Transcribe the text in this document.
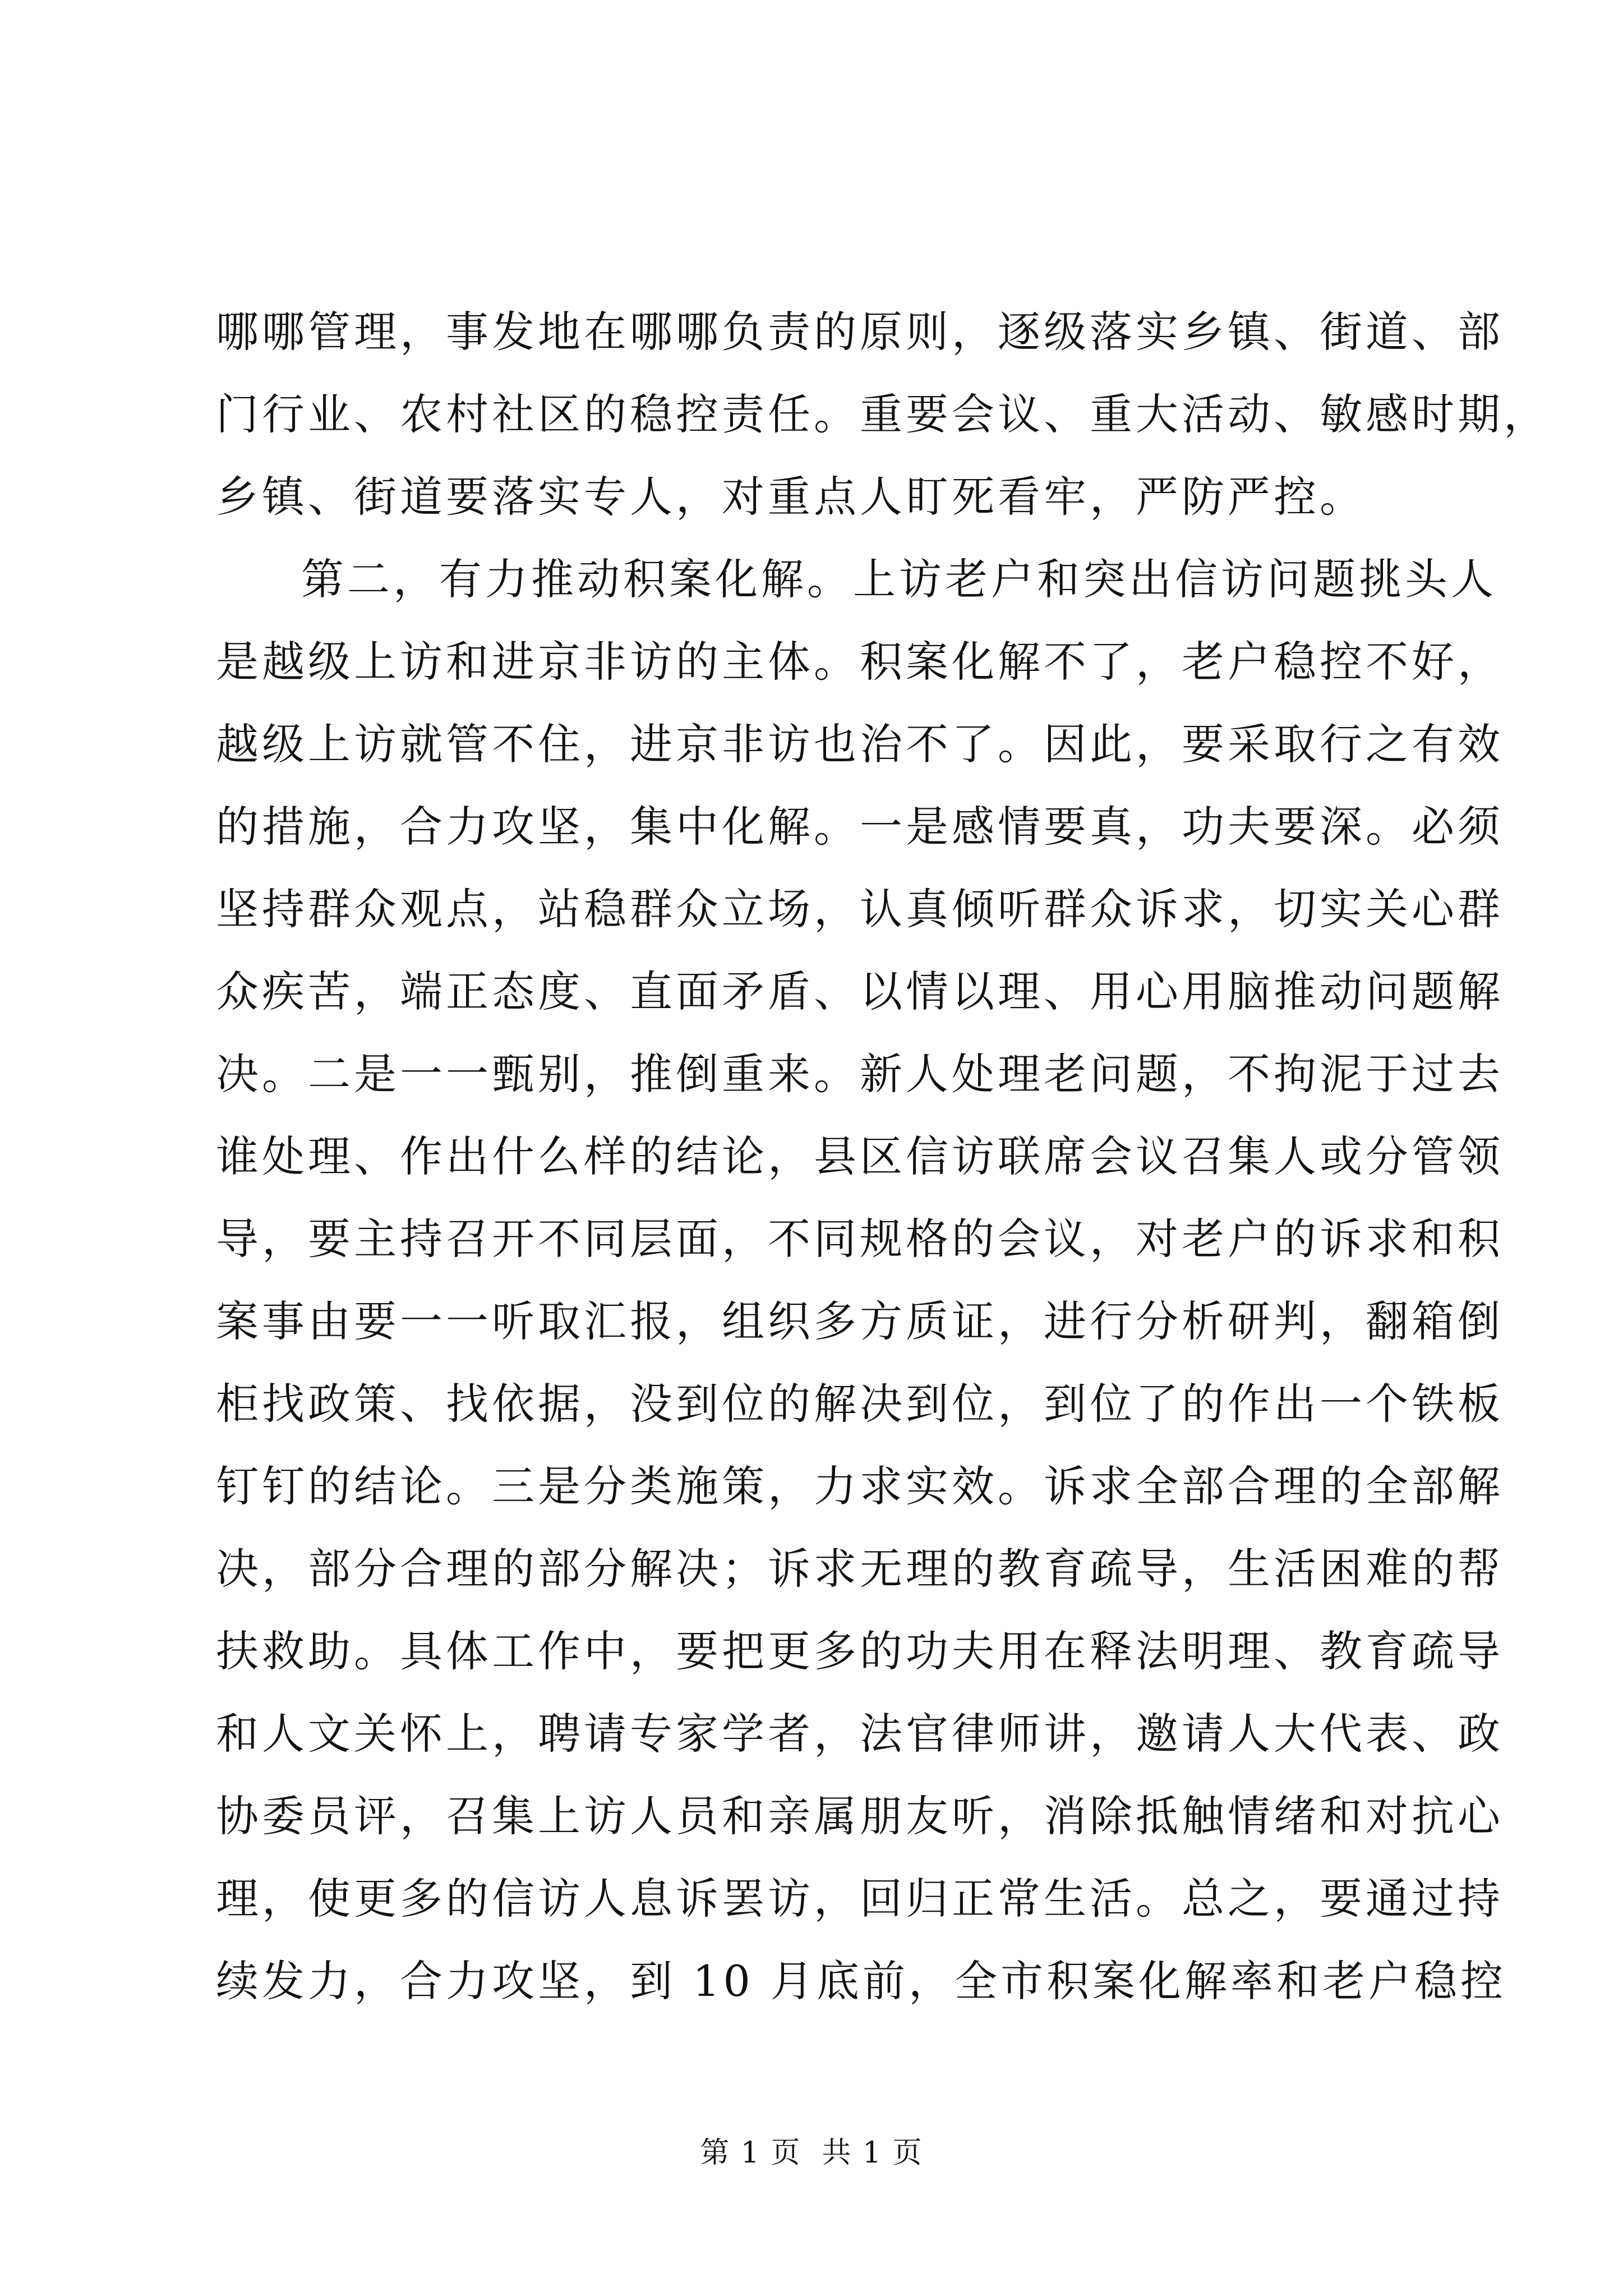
哪哪管理，事发地在哪哪负责的原则，逐级落实乡镇、街道、部
门行业、农村社区的稳控责任。重要会议、重大活动、敏感时期，
乡镇、街道要落实专人，对重点人盯死看牢，严防严控。
第二，有力推动积案化解。上访老户和突出信访问题挑头人
是越级上访和进京非访的主体。积案化解不了，老户稳控不好，
越级上访就管不住，进京非访也治不了。因此，要采取行之有效
的措施，合力攻坚，集中化解。一是感情要真，功夫要深。必须
坚持群众观点，站稳群众立场，认真倾听群众诉求，切实关心群
众疾苦，端正态度、直面矛盾、以情以理、用心用脑推动问题解
决。二是一一甄别，推倒重来。新人处理老问题，不拘泥于过去
谁处理、作出什么样的结论，县区信访联席会议召集人或分管领
导，要主持召开不同层面，不同规格的会议，对老户的诉求和积
案事由要一一听取汇报，组织多方质证，进行分析研判，翻箱倒
柜找政策、找依据，没到位的解决到位，到位了的作出一个铁板
钉钉的结论。三是分类施策，力求实效。诉求全部合理的全部解
决，部分合理的部分解决；诉求无理的教育疏导，生活困难的帮
扶救助。具体工作中，要把更多的功夫用在释法明理、教育疏导
和人文关怀上，聘请专家学者，法官律师讲，邀请人大代表、政
协委员评，召集上访人员和亲属朋友听，消除抵触情绪和对抗心
理，使更多的信访人息诉罢访，回归正常生活。总之，要通过持
续发力，合力攻坚，到 10 月底前，全市积案化解率和老户稳控
第 1 页  共 1 页
